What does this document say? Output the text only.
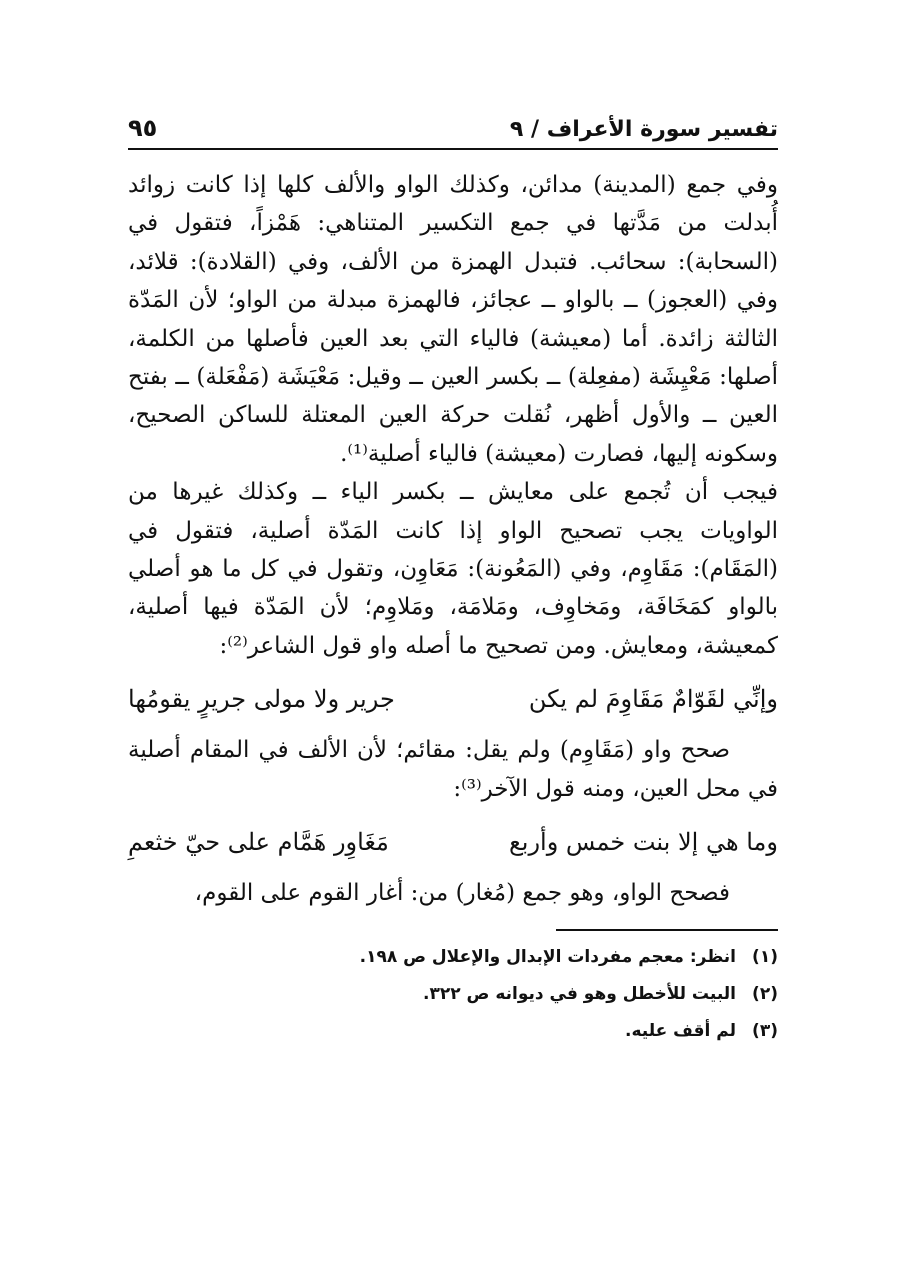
تفسير سورة الأعراف / ٩
٩٥

وفي جمع (المدينة) مدائن، وكذلك الواو والألف كلها إذا كانت زوائد أُبدلت من مَدَّتها في جمع التكسير المتناهي: هَمْزاً، فتقول في (السحابة): سحائب. فتبدل الهمزة من الألف، وفي (القلادة): قلائد، وفي (العجوز) ــ بالواو ــ عجائز، فالهمزة مبدلة من الواو؛ لأن المَدّة الثالثة زائدة. أما (معيشة) فالياء التي بعد العين فأصلها من الكلمة، أصلها: مَعْيِشَة (مفعِلة) ــ بكسر العين ــ وقيل: مَعْيَشَة (مَفْعَلة) ــ بفتح العين ــ والأول أظهر، نُقلت حركة العين المعتلة للساكن الصحيح، وسكونه إليها، فصارت (معيشة) فالياء أصلية⁽¹⁾.

فيجب أن تُجمع على معايش ــ بكسر الياء ــ وكذلك غيرها من الواويات يجب تصحيح الواو إذا كانت المَدّة أصلية، فتقول في (المَقَام): مَقَاوِم، وفي (المَعُونة): مَعَاوِن، وتقول في كل ما هو أصلي بالواو كمَخَافَة، ومَخاوِف، ومَلامَة، ومَلاوِم؛ لأن المَدّة فيها أصلية، كمعيشة، ومعايش. ومن تصحيح ما أصله واو قول الشاعر⁽²⁾:

وإنِّي لقَوّامٌ مَقَاوِمَ لم يكن
جرير ولا مولى جريرٍ يقومُها

صحح واو (مَقَاوِم) ولم يقل: مقائم؛ لأن الألف في المقام أصلية في محل العين، ومنه قول الآخر⁽³⁾:

وما هي إلا بنت خمس وأربع
مَغَاوِر هَمَّام على حيّ خثعمِ

فصحح الواو، وهو جمع (مُغار) من: أغار القوم على القوم،

(١)
انظر: معجم مفردات الإبدال والإعلال ص ١٩٨.
(٢)
البيت للأخطل وهو في ديوانه ص ٣٢٢.
(٣)
لم أقف عليه.
